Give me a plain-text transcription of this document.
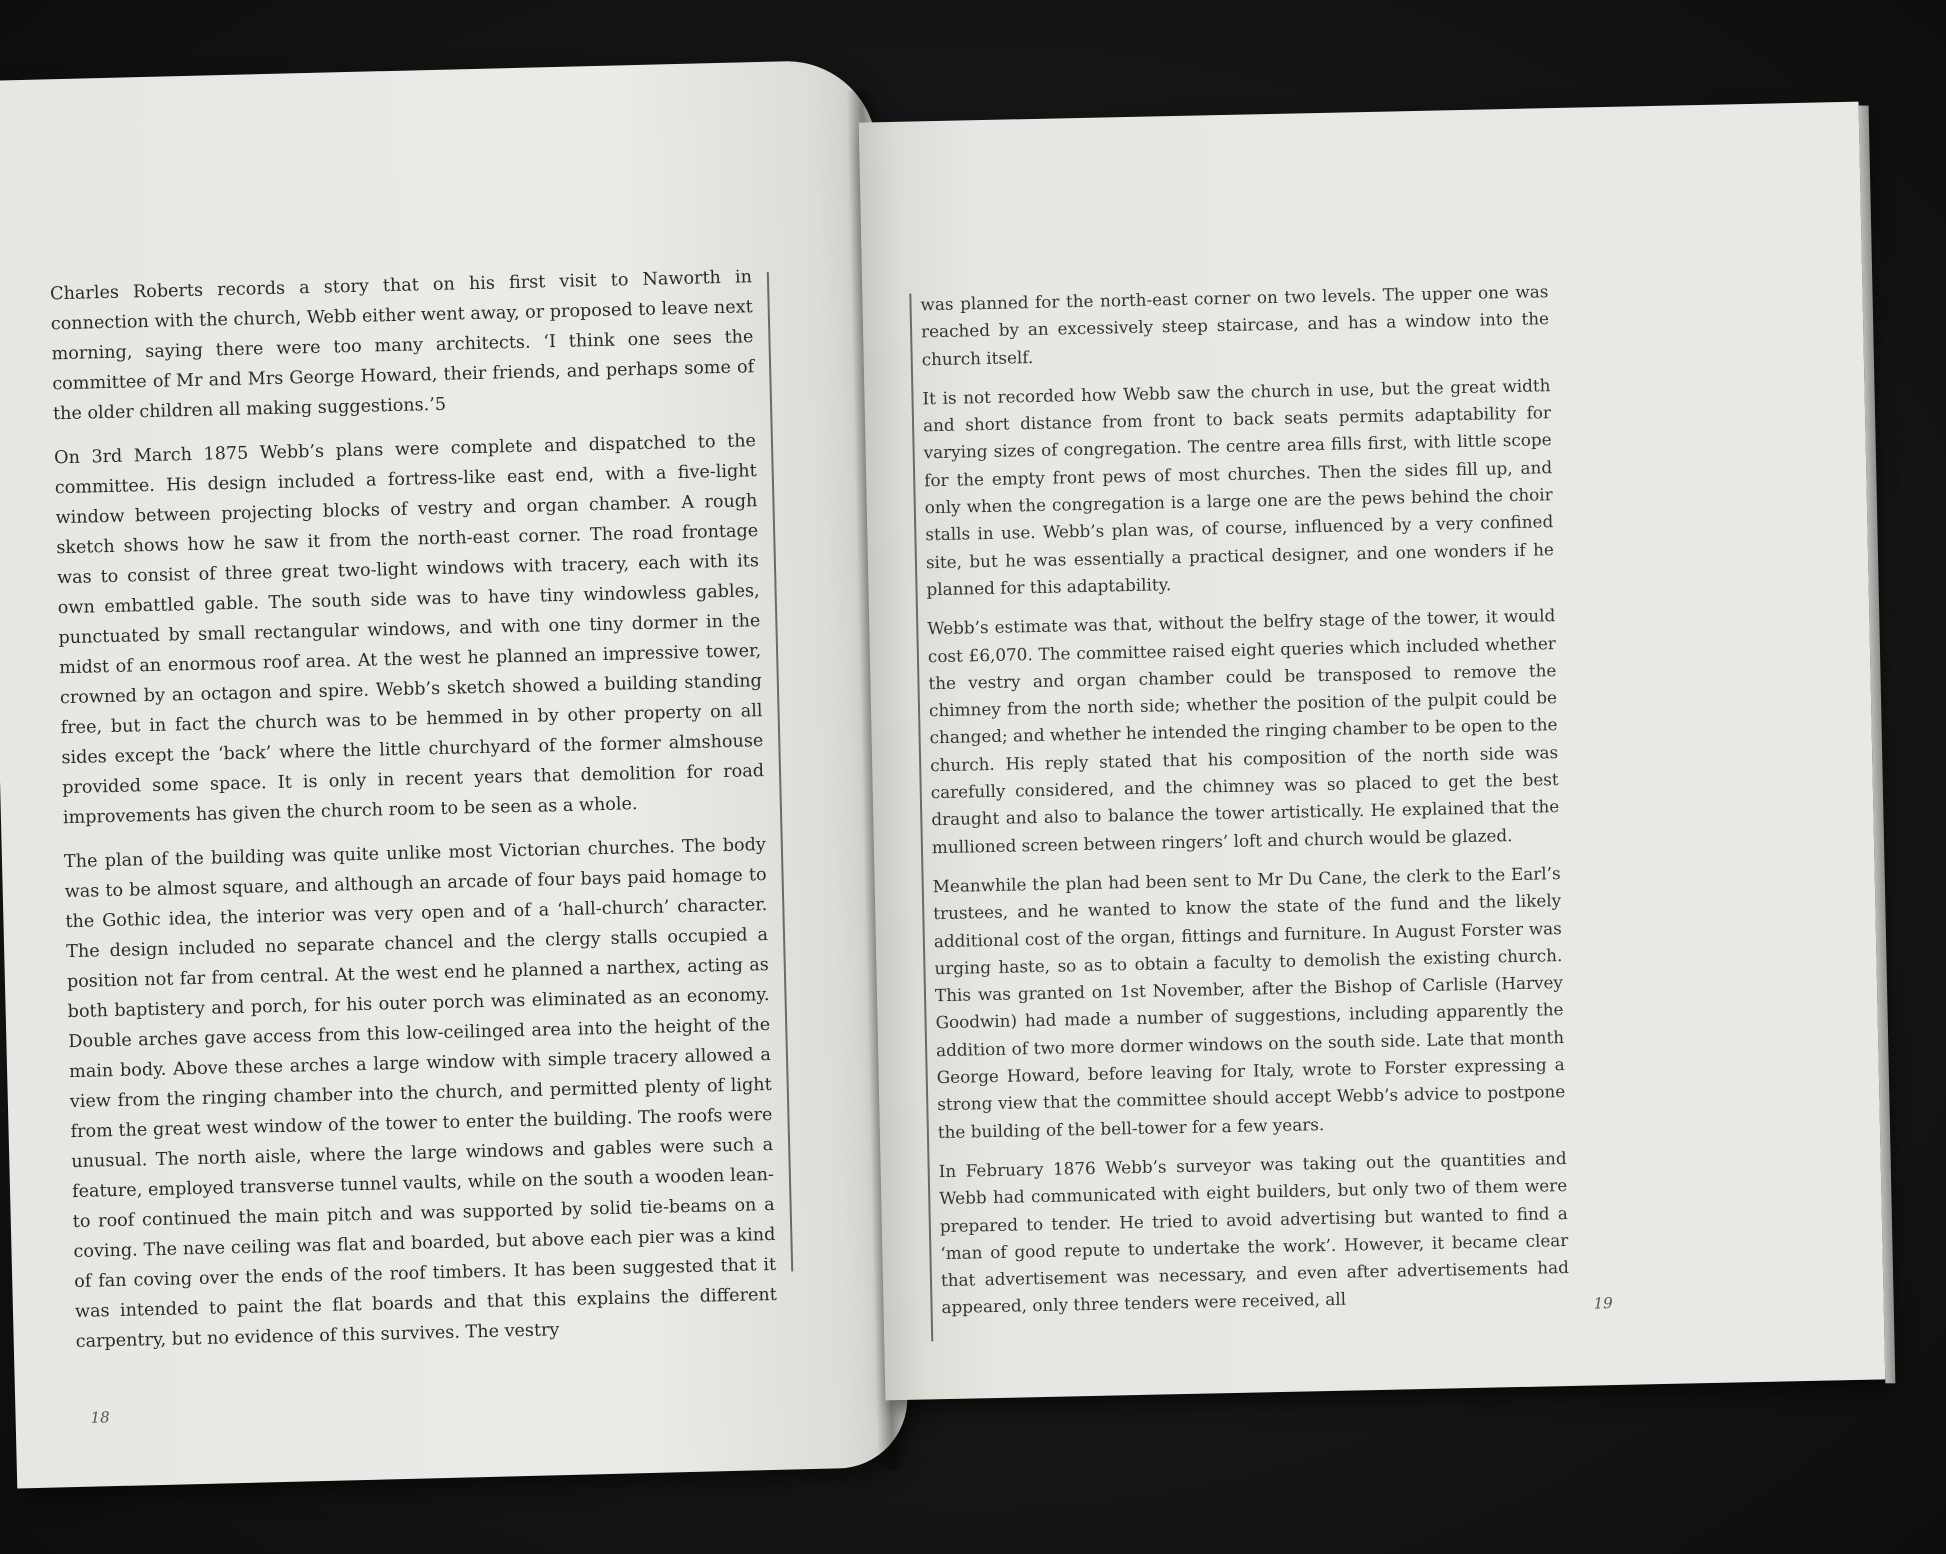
Charles Roberts records a story that on his first visit to Naworth in connection with the church, Webb either went away, or proposed to leave next morning, saying there were too many architects. ‘I think one sees the committee of Mr and Mrs George Howard, their friends, and perhaps some of the older children all making suggestions.’5

On 3rd March 1875 Webb’s plans were complete and dispatched to the committee. His design included a fortress-like east end, with a five-light window between projecting blocks of vestry and organ chamber. A rough sketch shows how he saw it from the north-east corner. The road frontage was to consist of three great two-light windows with tracery, each with its own embattled gable. The south side was to have tiny windowless gables, punctuated by small rectangular windows, and with one tiny dormer in the midst of an enormous roof area. At the west he planned an impressive tower, crowned by an octagon and spire. Webb’s sketch showed a building standing free, but in fact the church was to be hemmed in by other property on all sides except the ‘back’ where the little churchyard of the former almshouse provided some space. It is only in recent years that demolition for road improvements has given the church room to be seen as a whole.

The plan of the building was quite unlike most Victorian churches. The body was to be almost square, and although an arcade of four bays paid homage to the Gothic idea, the interior was very open and of a ‘hall-church’ character. The design included no separate chancel and the clergy stalls occupied a position not far from central. At the west end he planned a narthex, acting as both baptistery and porch, for his outer porch was eliminated as an economy. Double arches gave access from this low-ceilinged area into the height of the main body. Above these arches a large window with simple tracery allowed a view from the ringing chamber into the church, and permitted plenty of light from the great west window of the tower to enter the building. The roofs were unusual. The north aisle, where the large windows and gables were such a feature, employed transverse tunnel vaults, while on the south a wooden lean-to roof continued the main pitch and was supported by solid tie-beams on a coving. The nave ceiling was flat and boarded, but above each pier was a kind of fan coving over the ends of the roof timbers. It has been suggested that it was intended to paint the flat boards and that this explains the different carpentry, but no evidence of this survives. The vestry

18

was planned for the north-east corner on two levels. The upper one was reached by an excessively steep staircase, and has a window into the church itself.

It is not recorded how Webb saw the church in use, but the great width and short distance from front to back seats permits adaptability for varying sizes of congregation. The centre area fills first, with little scope for the empty front pews of most churches. Then the sides fill up, and only when the congregation is a large one are the pews behind the choir stalls in use. Webb’s plan was, of course, influenced by a very confined site, but he was essentially a practical designer, and one wonders if he planned for this adaptability.

Webb’s estimate was that, without the belfry stage of the tower, it would cost £6,070. The committee raised eight queries which included whether the vestry and organ chamber could be transposed to remove the chimney from the north side; whether the position of the pulpit could be changed; and whether he intended the ringing chamber to be open to the church. His reply stated that his composition of the north side was carefully considered, and the chimney was so placed to get the best draught and also to balance the tower artistically. He explained that the mullioned screen between ringers’ loft and church would be glazed.

Meanwhile the plan had been sent to Mr Du Cane, the clerk to the Earl’s trustees, and he wanted to know the state of the fund and the likely additional cost of the organ, fittings and furniture. In August Forster was urging haste, so as to obtain a faculty to demolish the existing church. This was granted on 1st November, after the Bishop of Carlisle (Harvey Goodwin) had made a number of suggestions, including apparently the addition of two more dormer windows on the south side. Late that month George Howard, before leaving for Italy, wrote to Forster expressing a strong view that the committee should accept Webb’s advice to postpone the building of the bell-tower for a few years.

In February 1876 Webb’s surveyor was taking out the quantities and Webb had communicated with eight builders, but only two of them were prepared to tender. He tried to avoid advertising but wanted to find a ‘man of good repute to undertake the work’. However, it became clear that advertisement was necessary, and even after advertisements had appeared, only three tenders were received, all	19
